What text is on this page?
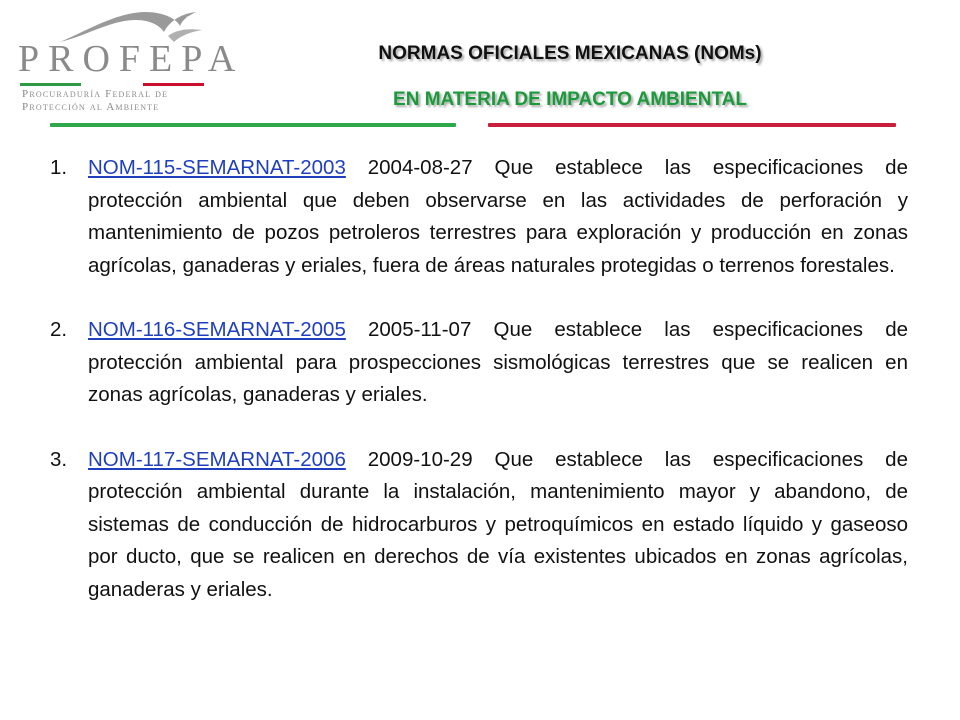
PROFEPA
Procuraduría Federal de
Protección al Ambiente
NORMAS OFICIALES MEXICANAS (NOMs)
EN MATERIA DE IMPACTO AMBIENTAL
1. NOM-115-SEMARNAT-2003 2004-08-27 Que establece las especificaciones de protección ambiental que deben observarse en las actividades de perforación y mantenimiento de pozos petroleros terrestres para exploración y producción en zonas agrícolas, ganaderas y eriales, fuera de áreas naturales protegidas o terrenos forestales.
2. NOM-116-SEMARNAT-2005 2005-11-07 Que establece las especificaciones de protección ambiental para prospecciones sismológicas terrestres que se realicen en zonas agrícolas, ganaderas y eriales.
3. NOM-117-SEMARNAT-2006 2009-10-29 Que establece las especificaciones de protección ambiental durante la instalación, mantenimiento mayor y abandono, de sistemas de conducción de hidrocarburos y petroquímicos en estado líquido y gaseoso por ducto, que se realicen en derechos de vía existentes ubicados en zonas agrícolas, ganaderas y eriales.
